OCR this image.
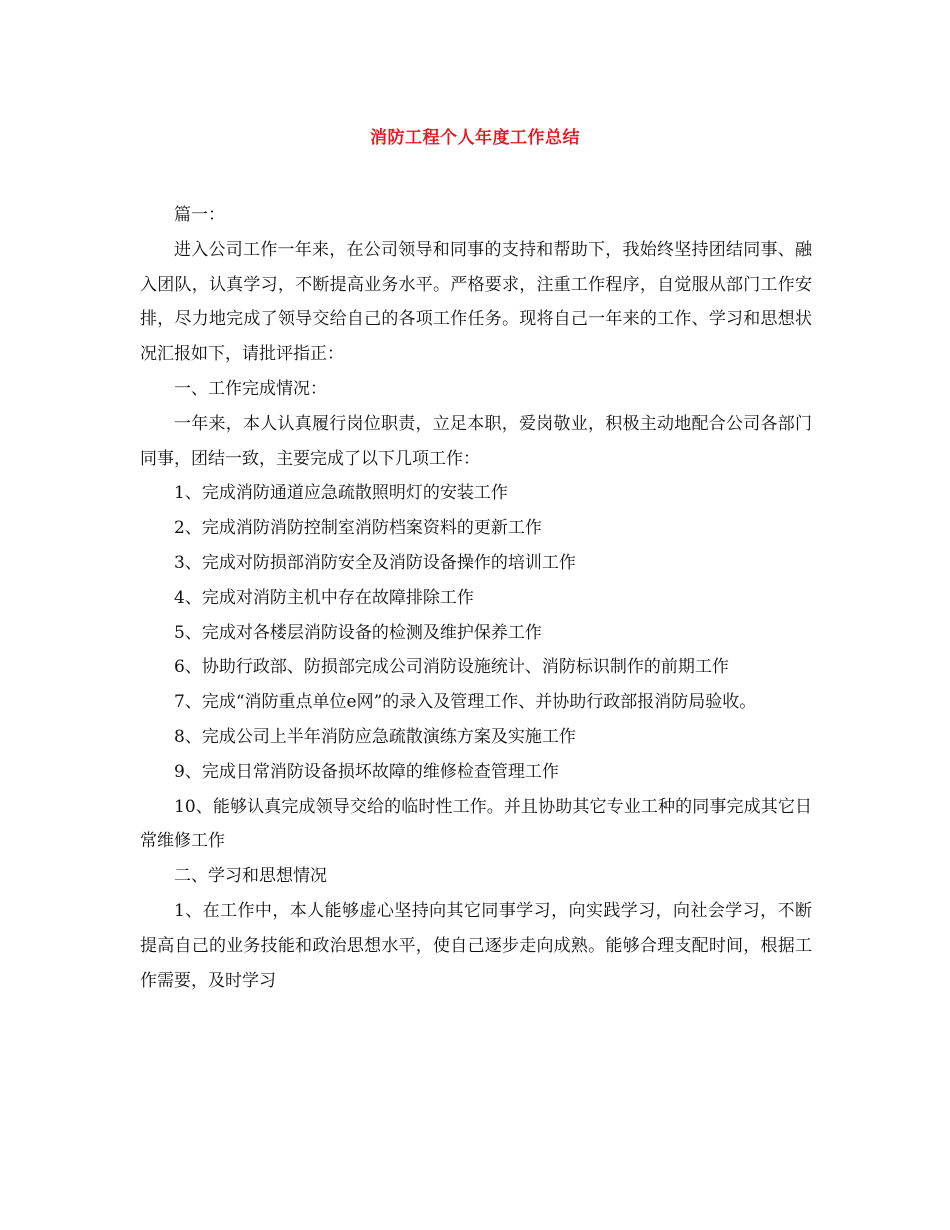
消防工程个人年度工作总结

篇一：

进入公司工作一年来，在公司领导和同事的支持和帮助下，我始终坚持团结同事、融入团队，认真学习，不断提高业务水平。严格要求，注重工作程序，自觉服从部门工作安排，尽力地完成了领导交给自己的各项工作任务。现将自己一年来的工作、学习和思想状况汇报如下，请批评指正：

一、工作完成情况：

一年来，本人认真履行岗位职责，立足本职，爱岗敬业，积极主动地配合公司各部门同事，团结一致，主要完成了以下几项工作：

1、完成消防通道应急疏散照明灯的安装工作

2、完成消防消防控制室消防档案资料的更新工作

3、完成对防损部消防安全及消防设备操作的培训工作

4、完成对消防主机中存在故障排除工作

5、完成对各楼层消防设备的检测及维护保养工作

6、协助行政部、防损部完成公司消防设施统计、消防标识制作的前期工作

7、完成“消防重点单位e网”的录入及管理工作、并协助行政部报消防局验收。

8、完成公司上半年消防应急疏散演练方案及实施工作

9、完成日常消防设备损坏故障的维修检查管理工作

10、能够认真完成领导交给的临时性工作。并且协助其它专业工种的同事完成其它日常维修工作

二、学习和思想情况

1、在工作中，本人能够虚心坚持向其它同事学习，向实践学习，向社会学习，不断提高自己的业务技能和政治思想水平，使自己逐步走向成熟。能够合理支配时间，根据工作需要，及时学习
